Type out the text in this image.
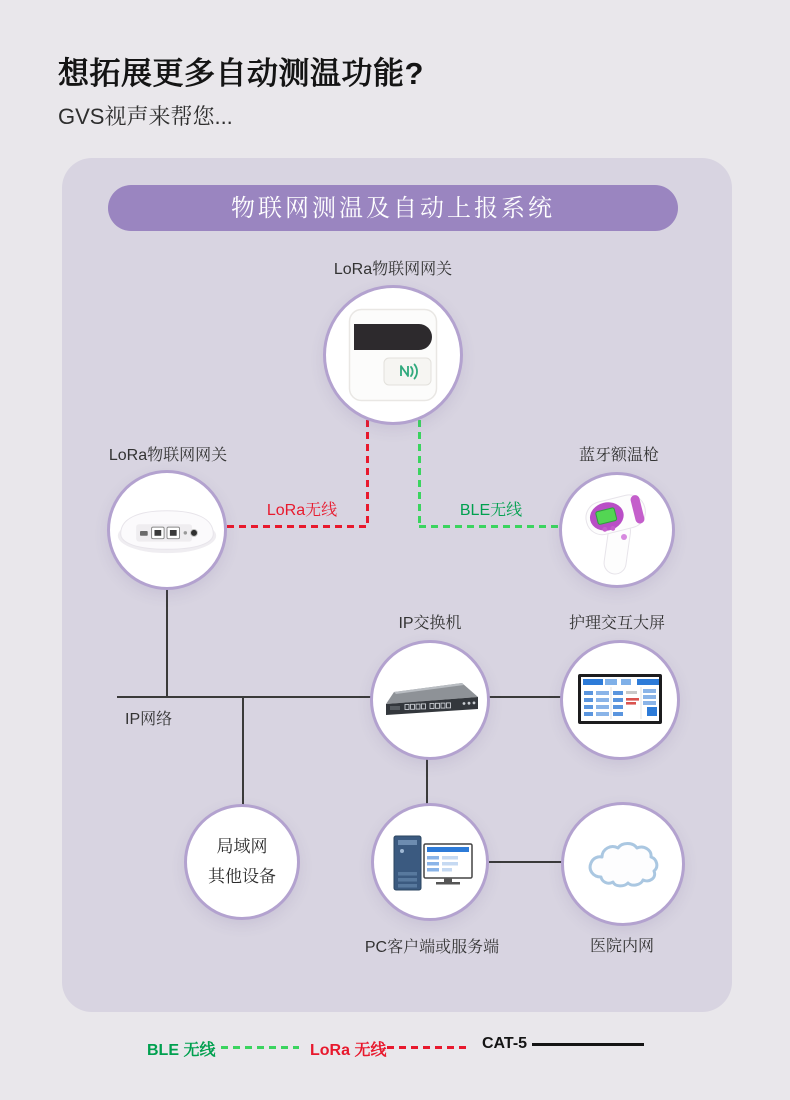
想拓展更多自动测温功能?
GVS视声来帮您...
物联网测温及自动上报系统
LoRa无线	BLE无线
IP网络
LoRa物联网网关
LoRa物联网网关	蓝牙额温枪
IP交换机	护理交互大屏
PC客户端或服务端	医院内网
局域网
其他设备
BLE 无线	LoRa 无线	CAT-5
